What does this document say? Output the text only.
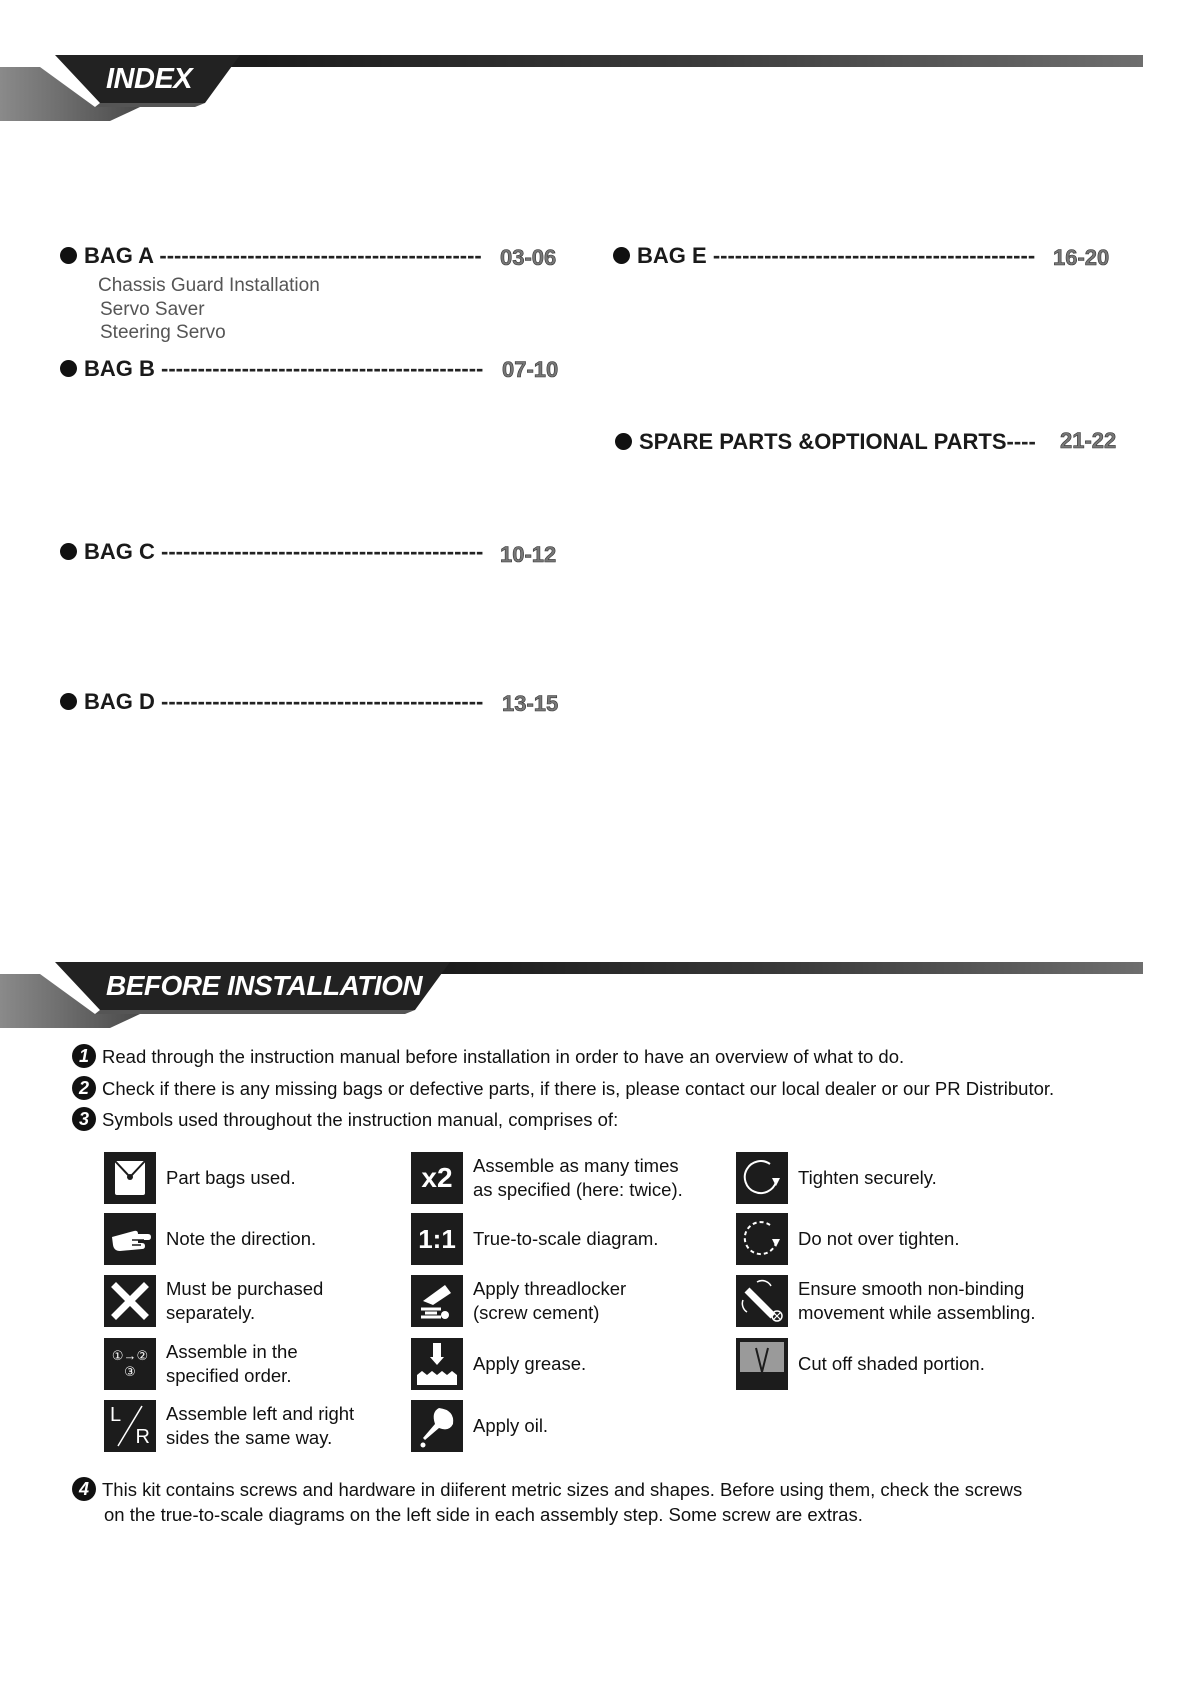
INDEX
BAG A -------------------------------------------- 03-06
Chassis Guard Installation
Servo Saver
Steering Servo
BAG B -------------------------------------------- 07-10
BAG C -------------------------------------------- 10-12
BAG D -------------------------------------------- 13-15
BAG E -------------------------------------------- 16-20
SPARE PARTS &OPTIONAL PARTS---- 21-22
BEFORE INSTALLATION
1 Read through the instruction manual before installation in order to have an overview of what to do.
2 Check if there is any missing bags or defective parts, if there is, please contact our local dealer or our PR Distributor.
3 Symbols used throughout the instruction manual, comprises of:
Part bags used.
Note the direction.
Must be purchased
separately.
①→②
③
Assemble in the
specified order.
L
R
Assemble left and right
sides the same way.
x2	Assemble as many times
as specified (here: twice).
1:1 True-to-scale diagram.
Apply threadlocker
(screw cement)
Apply grease.
Apply oil.
Tighten securely.
Do not over tighten.
Ensure smooth non-binding
movement while assembling.
Cut off shaded portion.
4 This kit contains screws and hardware in diiferent metric sizes and shapes. Before using them, check the screws
on the true-to-scale diagrams on the left side in each assembly step. Some screw are extras.
